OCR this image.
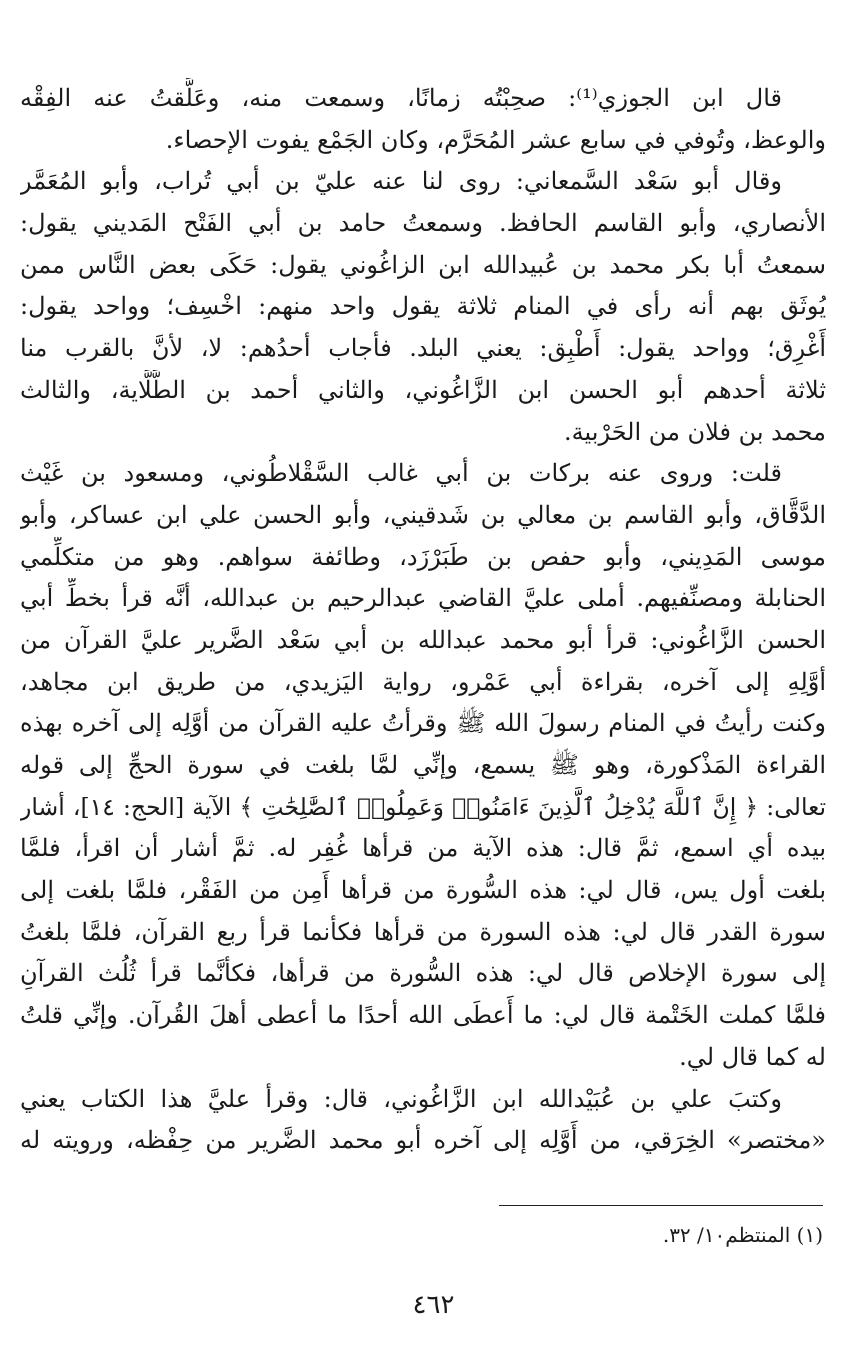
قال ابن الجوزي⁽¹⁾: صحِبْتُه زمانًا، وسمعت منه، وعَلَّقتُ عنه الفِقْه
والوعظ، وتُوفي في سابع عشر المُحَرَّم، وكان الجَمْع يفوت الإحصاء.
وقال أبو سَعْد السَّمعاني: روى لنا عنه عليّ بن أبي تُراب، وأبو المُعَمَّر
الأنصاري، وأبو القاسم الحافظ. وسمعتُ حامد بن أبي الفَتْح المَديني يقول:
سمعتُ أبا بكر محمد بن عُبيدالله ابن الزاغُوني يقول: حَكَى بعض النَّاس ممن
يُوثَق بهم أنه رأى في المنام ثلاثة يقول واحد منهم: اخْسِف؛ وواحد يقول:
أَغْرِق؛ وواحد يقول: أَطْبِق: يعني البلد. فأجاب أحدُهم: لا، لأنَّ بالقرب منا
ثلاثة أحدهم أبو الحسن ابن الزَّاغُوني، والثاني أحمد بن الطَّلَّاية، والثالث
محمد بن فلان من الحَرْبية.
قلت: وروى عنه بركات بن أبي غالب السَّقْلاطُوني، ومسعود بن غَيْث
الدَّقَّاق، وأبو القاسم بن معالي بن شَدقيني، وأبو الحسن علي ابن عساكر، وأبو
موسى المَدِيني، وأبو حفص بن طَبَرْزَد، وطائفة سواهم. وهو من متكلِّمي
الحنابلة ومصنِّفيهم. أملى عليَّ القاضي عبدالرحيم بن عبدالله، أنَّه قرأ بخطِّ أبي
الحسن الزَّاغُوني: قرأ أبو محمد عبدالله بن أبي سَعْد الضَّرير عليَّ القرآن من
أوَّلِهِ إلى آخره، بقراءة أبي عَمْرو، رواية اليَزيدي، من طريق ابن مجاهد،
وكنت رأيتُ في المنام رسولَ الله ﷺ وقرأتُ عليه القرآن من أوَّلِه إلى آخره بهذه
القراءة المَذْكورة، وهو ﷺ يسمع، وإنِّي لمَّا بلغت في سورة الحجِّ إلى قوله
تعالى: ﴿ إِنَّ ٱللَّهَ يُدْخِلُ ٱلَّذِينَ ءَامَنُوا۟ وَعَمِلُوا۟ ٱلصَّٰلِحَٰتِ ﴾ الآية [الحج: ١٤]، أشار
بيده أي اسمع، ثمَّ قال: هذه الآية من قرأها غُفِر له. ثمَّ أشار أن اقرأ، فلمَّا
بلغت أول يس، قال لي: هذه السُّورة من قرأها أَمِن من الفَقْر، فلمَّا بلغت إلى
سورة القدر قال لي: هذه السورة من قرأها فكأنما قرأ ربع القرآن، فلمَّا بلغتُ
إلى سورة الإخلاص قال لي: هذه السُّورة من قرأها، فكأنَّما قرأ ثُلُث القرآنِ
فلمَّا كملت الخَتْمة قال لي: ما أَعطَى الله أحدًا ما أعطى أهلَ القُرآن. وإنِّي قلتُ
له كما قال لي.
وكتبَ علي بن عُبَيْدالله ابن الزَّاغُوني، قال: وقرأ عليَّ هذا الكتاب يعني
«مختصر» الخِرَقي، من أَوَّلِه إلى آخره أبو محمد الضَّرير من حِفْظه، ورويته له
(١) المنتظم١٠/ ٣٢.
٤٦٢
